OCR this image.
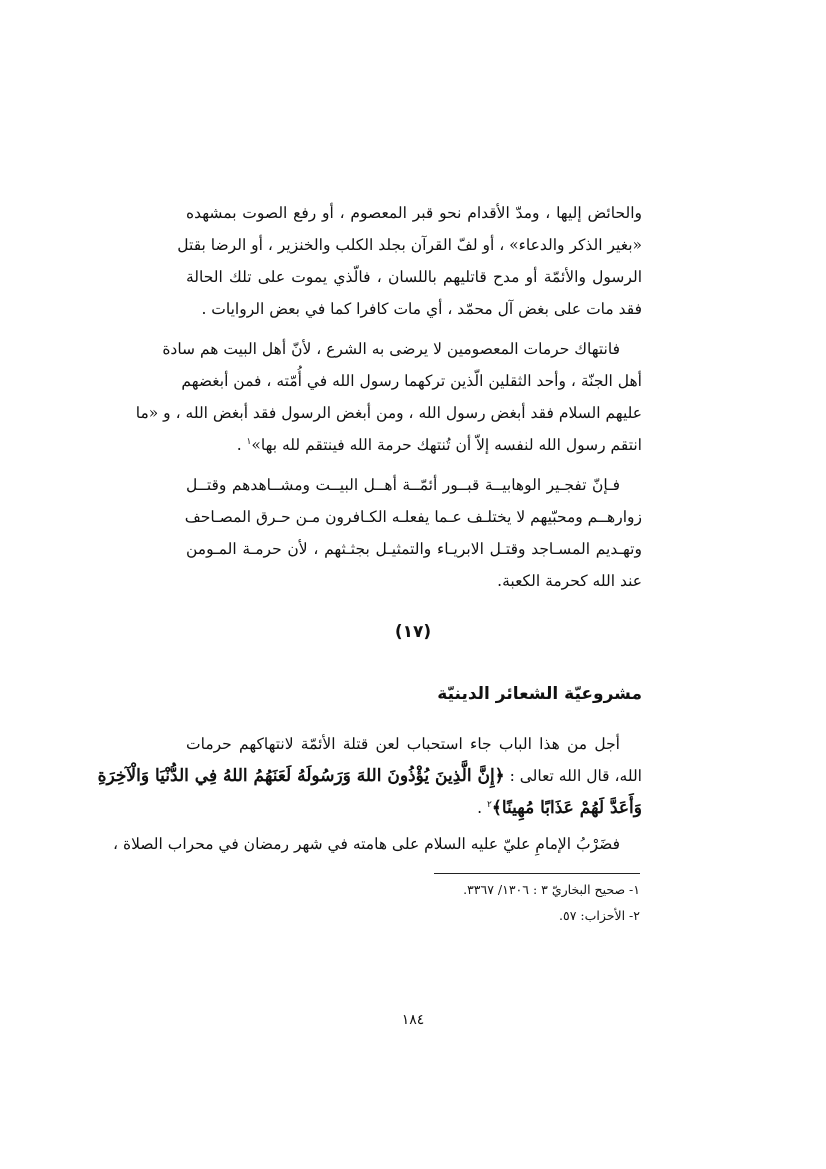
والحائض إليها ، ومدّ الأقدام نحو قبر المعصوم ، أو رفع الصوت بمشهده
«بغير الذكر والدعاء» ، أو لفّ القرآن بجلد الكلب والخنزير ، أو الرضا بقتل
الرسول والأئمّة أو مدح قاتليهم باللسان ، فالّذي يموت على تلك الحالة
فقد مات على بغض آل محمّد ، أي مات كافرا كما في بعض الروايات .
فانتهاك حرمات المعصومين لا يرضى به الشرع ، لأنّ أهل البيت هم سادة
أهل الجنّة ، وأحد الثقلين الّذين تركهما رسول الله في أُمّته ، فمن أبغضهم
عليهم السلام فقد أبغض رسول الله ، ومن أبغض الرسول فقد أبغض الله ، و «ما
انتقم رسول الله لنفسه إلاّ أن تُنتهك حرمة الله فينتقم لله بها»$^١$ .
فـإنّ تفجـير الوهابيــة قبــور أئمّــة أهــل البيــت ومشــاهدهم وقتــل
زوارهــم ومحبّيهم لا يختلـف عـما يفعلـه الكـافرون مـن حـرق المصـاحف
وتهـديم المسـاجد وقتـل الابريـاء والتمثيـل بجثـثهم ، لأن حرمـة المـومن
عند الله كحرمة الكعبة.
(١٧)
مشروعيّة الشعائر الدينيّة
أجل من هذا الباب جاء استحباب لعن قتلة الأئمّة لانتهاكهم حرمات
الله، قال الله تعالى : ﴿إِنَّ الَّذِينَ يُؤْذُونَ اللهَ وَرَسُولَهُ لَعَنَهُمُ اللهُ فِي الدُّنْيَا وَالْآخِرَةِ
وَأَعَدَّ لَهُمْ عَذَابًا مُهِينًا﴾$^٢$ .
فضَرْبُ الإمامِ عليّ عليه السلام على هامته في شهر رمضان في محراب الصلاة ،
١- صحيح البخاريّ ٣ : ١٣٠٦/ ٣٣٦٧.
٢- الأحزاب: ٥٧.
١٨٤
